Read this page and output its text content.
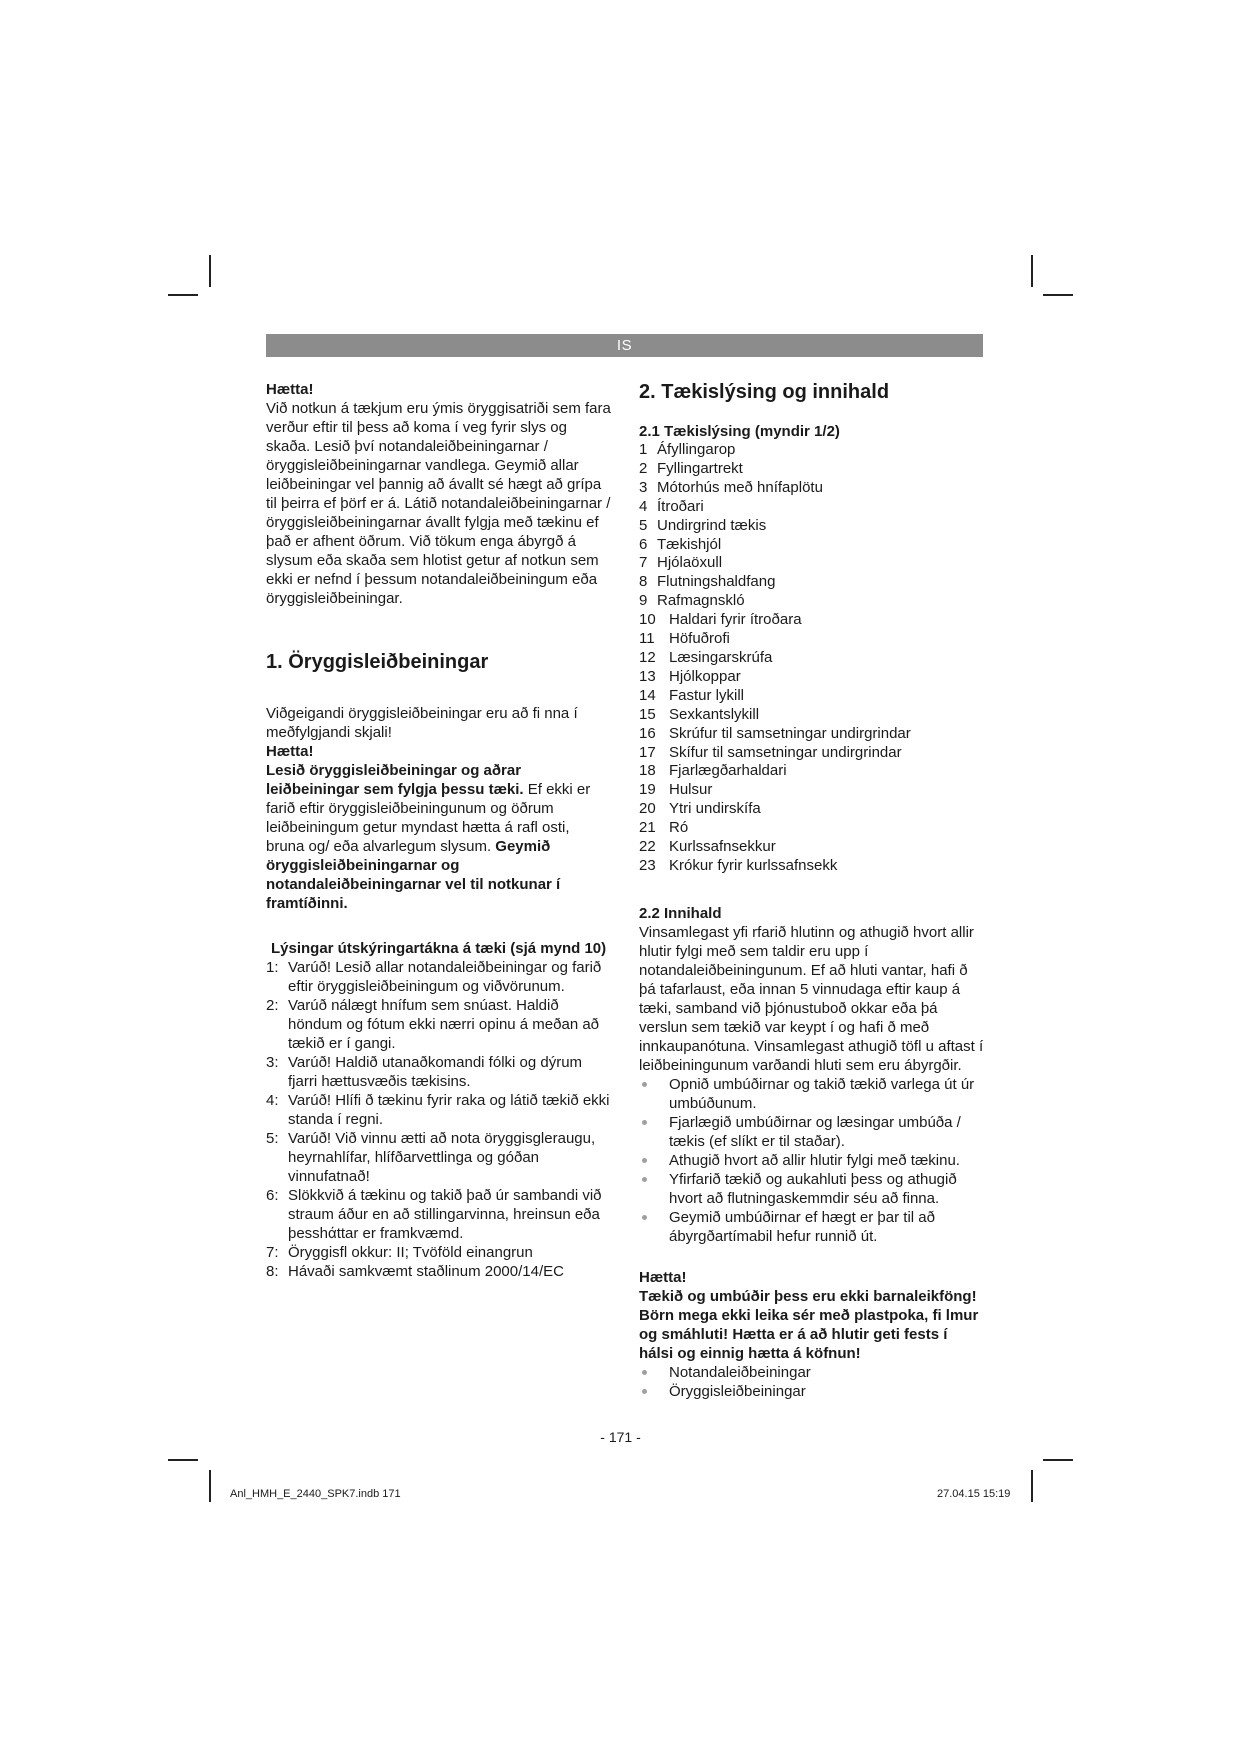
IS

Hætta!

Við notkun á tækjum eru ýmis öryggisatriði sem fara verður eftir til þess að koma í veg fyrir slys og skaða. Lesið því notandaleiðbeiningarnar / öryggisleiðbeiningarnar vandlega. Geymið allar leiðbeiningar vel þannig að ávallt sé hægt að grípa til þeirra ef þörf er á. Látið notandaleiðbeiningarnar / öryggisleiðbeiningarnar ávallt fylgja með tækinu ef það er afhent öðrum. Við tökum enga ábyrgð á slysum eða skaða sem hlotist getur af notkun sem ekki er nefnd í þessum notandaleiðbeiningum eða öryggisleiðbeiningar.

1. Öryggisleiðbeiningar

Viðgeigandi öryggisleiðbeiningar eru að fi nna í meðfylgjandi skjali!

Hætta!

Lesið öryggisleiðbeiningar og aðrar leiðbeiningar sem fylgja þessu tæki. Ef ekki er farið eftir öryggisleiðbeiningunum og öðrum leiðbeiningum getur myndast hætta á rafl osti, bruna og/ eða alvarlegum slysum. Geymið öryggisleiðbeiningarnar og notandaleiðbeiningarnar vel til notkunar í framtíðinni.

Lýsingar útskýringartákna á tæki (sjá mynd 10)

1: Varúð! Lesið allar notandaleiðbeiningar og farið eftir öryggisleiðbeiningum og viðvörunum.
2: Varúð nálægt hnífum sem snúast. Haldið höndum og fótum ekki nærri opinu á meðan að tækið er í gangi.
3: Varúð! Haldið utanaðkomandi fólki og dýrum fjarri hættusvæðis tækisins.
4: Varúð! Hlífi ð tækinu fyrir raka og látið tækið ekki standa í regni.
5: Varúð! Við vinnu ætti að nota öryggisgleraugu, heyrnahlífar, hlífðarvettlinga og góðan vinnufatnað!
6: Slökkvið á tækinu og takið það úr sambandi við straum áður en að stillingarvinna, hreinsun eða þesshάttar er framkvæmd.
7: Öryggisfl okkur: II; Tvöföld einangrun
8: Hávaði samkvæmt staðlinum 2000/14/EC
2. Tækislýsing og innihald

2.1 Tækislýsing (myndir 1/2)

1 Áfyllingarop
2 Fyllingartrekt
3 Mótorhús með hnífaplötu
4 Ítroðari
5 Undirgrind tækis
6 Tækishjól
7 Hjólaöxull
8 Flutningshaldfang
9 Rafmagnskló
10 Haldari fyrir ítroðara
11 Höfuðrofi
12 Læsingarskrúfa
13 Hjólkoppar
14 Fastur lykill
15 Sexkantslykill
16 Skrúfur til samsetningar undirgrindar
17 Skífur til samsetningar undirgrindar
18 Fjarlægðarhaldari
19 Hulsur
20 Ytri undirskífa
21 Ró
22 Kurlssafnsekkur
23 Krókur fyrir kurlssafnsekk

2.2 Innihald

Vinsamlegast yfi rfarið hlutinn og athugið hvort allir hlutir fylgi með sem taldir eru upp í notandaleiðbeiningunum. Ef að hluti vantar, hafi ð þá tafarlaust, eða innan 5 vinnudaga eftir kaup á tæki, samband við þjónustuboð okkar eða þá verslun sem tækið var keypt í og hafi ð með innkaupanótuna. Vinsamlegast athugið töfl u aftast í leiðbeiningunum varðandi hluti sem eru ábyrgðir.

Opnið umbúðirnar og takið tækið varlega út úr umbúðunum.
Fjarlægið umbúðirnar og læsingar umbúða / tækis (ef slíkt er til staðar).
Athugið hvort að allir hlutir fylgi með tækinu.
Yfirfarið tækið og aukahluti þess og athugið hvort að flutningaskemmdir séu að finna.
Geymið umbúðirnar ef hægt er þar til að ábyrgðartímabil hefur runnið út.

Hætta!

Tækið og umbúðir þess eru ekki barnaleikföng! Börn mega ekki leika sér með plastpoka, fi lmur og smáhluti! Hætta er á að hlutir geti fests í hálsi og einnig hætta á köfnun!

Notandaleiðbeiningar
Öryggisleiðbeiningar
- 171 -
Anl_HMH_E_2440_SPK7.indb 171	27.04.15 15:19
